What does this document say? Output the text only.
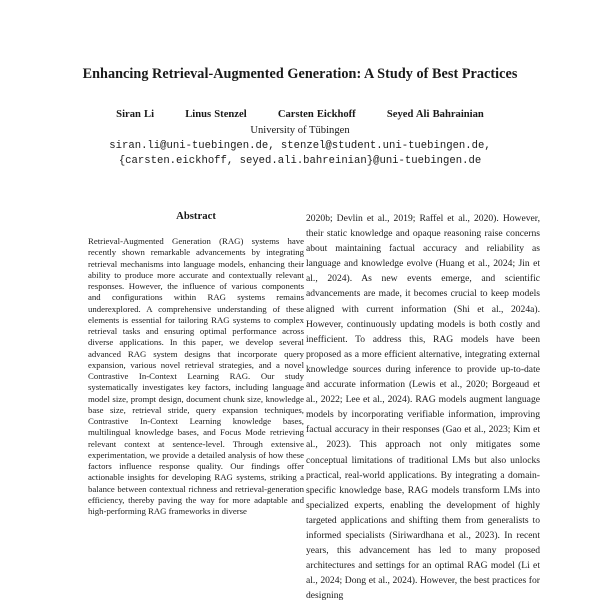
Enhancing Retrieval-Augmented Generation: A Study of Best Practices
Siran Li	Linus Stenzel	Carsten Eickhoff	Seyed Ali Bahrainian
University of Tübingen
siran.li@uni-tuebingen.de, stenzel@student.uni-tuebingen.de,
{carsten.eickhoff, seyed.ali.bahreinian}@uni-tuebingen.de
Abstract

Retrieval-Augmented Generation (RAG) systems have recently shown remarkable advancements by integrating retrieval mechanisms into language models, enhancing their ability to produce more accurate and contextually relevant responses. However, the influence of various components and configurations within RAG systems remains underexplored. A comprehensive understanding of these elements is essential for tailoring RAG systems to complex retrieval tasks and ensuring optimal performance across diverse applications. In this paper, we develop several advanced RAG system designs that incorporate query expansion, various novel retrieval strategies, and a novel Contrastive In-Context Learning RAG. Our study systematically investigates key factors, including language model size, prompt design, document chunk size, knowledge base size, retrieval stride, query expansion techniques, Contrastive In-Context Learning knowledge bases, multilingual knowledge bases, and Focus Mode retrieving relevant context at sentence-level. Through extensive experimentation, we provide a detailed analysis of how these factors influence response quality. Our findings offer actionable insights for developing RAG systems, striking a balance between contextual richness and retrieval-generation efficiency, thereby paving the way for more adaptable and high-performing RAG frameworks in diverse

2020b; Devlin et al., 2019; Raffel et al., 2020). However, their static knowledge and opaque reasoning raise concerns about maintaining factual accuracy and reliability as language and knowledge evolve (Huang et al., 2024; Jin et al., 2024). As new events emerge, and scientific advancements are made, it becomes crucial to keep models aligned with current information (Shi et al., 2024a). However, continuously updating models is both costly and inefficient. To address this, RAG models have been proposed as a more efficient alternative, integrating external knowledge sources during inference to provide up-to-date and accurate information (Lewis et al., 2020; Borgeaud et al., 2022; Lee et al., 2024). RAG models augment language models by incorporating verifiable information, improving factual accuracy in their responses (Gao et al., 2023; Kim et al., 2023). This approach not only mitigates some conceptual limitations of traditional LMs but also unlocks practical, real-world applications. By integrating a domain-specific knowledge base, RAG models transform LMs into specialized experts, enabling the development of highly targeted applications and shifting them from generalists to informed specialists (Siriwardhana et al., 2023). In recent years, this advancement has led to many proposed architectures and settings for an optimal RAG model (Li et al., 2024; Dong et al., 2024). However, the best practices for designing
